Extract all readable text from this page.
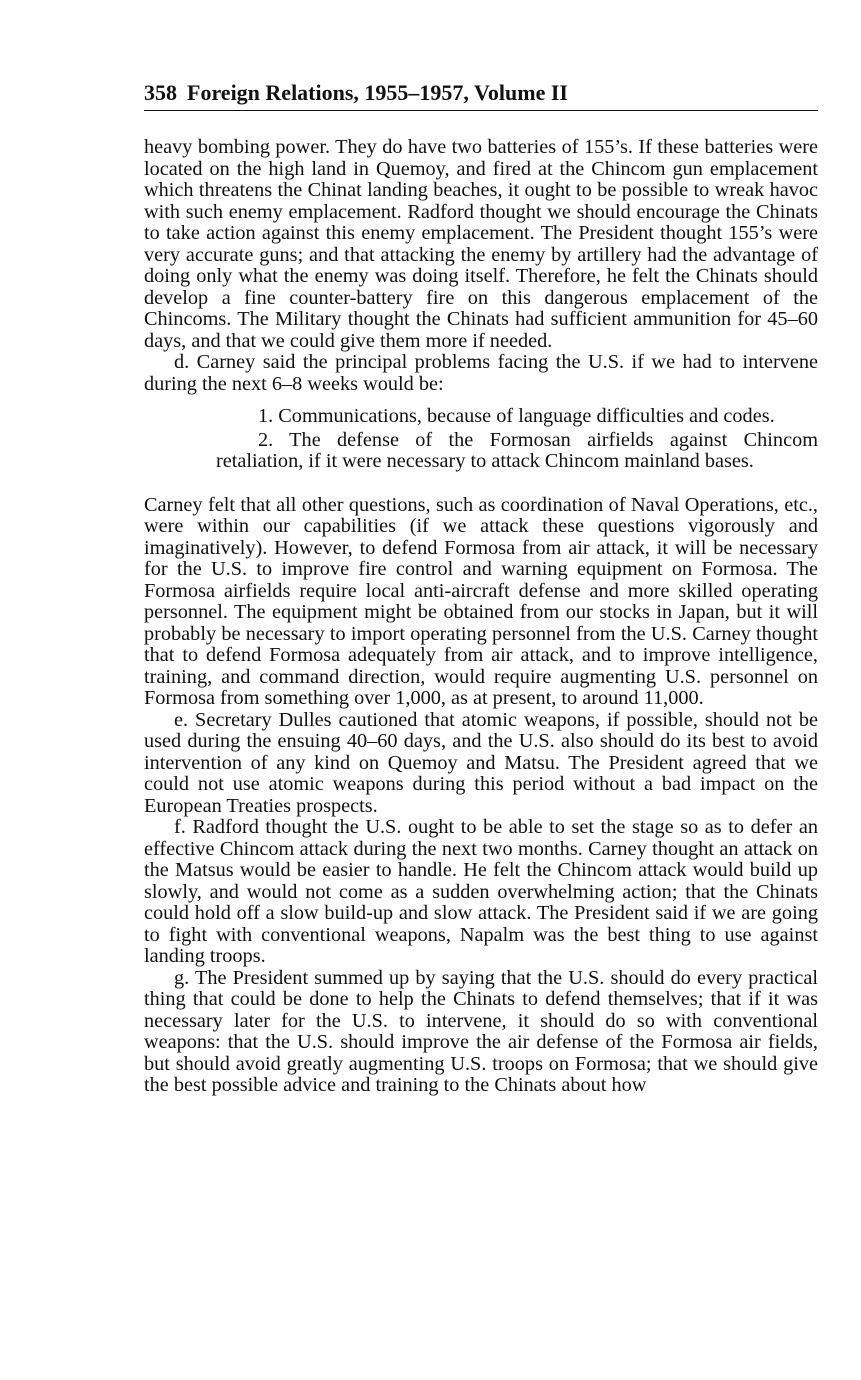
358 Foreign Relations, 1955–1957, Volume II

heavy bombing power. They do have two batteries of 155’s. If these batteries were located on the high land in Quemoy, and fired at the Chincom gun emplacement which threatens the Chinat landing beaches, it ought to be possible to wreak havoc with such enemy emplacement. Radford thought we should encourage the Chinats to take action against this enemy emplacement. The President thought 155’s were very accurate guns; and that attacking the enemy by artillery had the advantage of doing only what the enemy was doing itself. Therefore, he felt the Chinats should develop a fine counter-battery fire on this dangerous emplacement of the Chincoms. The Military thought the Chinats had sufficient ammunition for 45–60 days, and that we could give them more if needed.

d. Carney said the principal problems facing the U.S. if we had to intervene during the next 6–8 weeks would be:

1. Communications, because of language difficulties and codes.

2. The defense of the Formosan airfields against Chincom retaliation, if it were necessary to attack Chincom mainland bases.

Carney felt that all other questions, such as coordination of Naval Operations, etc., were within our capabilities (if we attack these questions vigorously and imaginatively). However, to defend Formosa from air attack, it will be necessary for the U.S. to improve fire control and warning equipment on Formosa. The Formosa airfields require local anti-aircraft defense and more skilled operating personnel. The equipment might be obtained from our stocks in Japan, but it will probably be necessary to import operating personnel from the U.S. Carney thought that to defend Formosa adequately from air attack, and to improve intelligence, training, and command direction, would require augmenting U.S. personnel on Formosa from something over 1,000, as at present, to around 11,000.

e. Secretary Dulles cautioned that atomic weapons, if possible, should not be used during the ensuing 40–60 days, and the U.S. also should do its best to avoid intervention of any kind on Quemoy and Matsu. The President agreed that we could not use atomic weapons during this period without a bad impact on the European Treaties prospects.

f. Radford thought the U.S. ought to be able to set the stage so as to defer an effective Chincom attack during the next two months. Carney thought an attack on the Matsus would be easier to handle. He felt the Chincom attack would build up slowly, and would not come as a sudden overwhelming action; that the Chinats could hold off a slow build-up and slow attack. The President said if we are going to fight with conventional weapons, Napalm was the best thing to use against landing troops.

g. The President summed up by saying that the U.S. should do every practical thing that could be done to help the Chinats to defend themselves; that if it was necessary later for the U.S. to intervene, it should do so with conventional weapons: that the U.S. should improve the air defense of the Formosa air fields, but should avoid greatly augmenting U.S. troops on Formosa; that we should give the best possible advice and training to the Chinats about how
